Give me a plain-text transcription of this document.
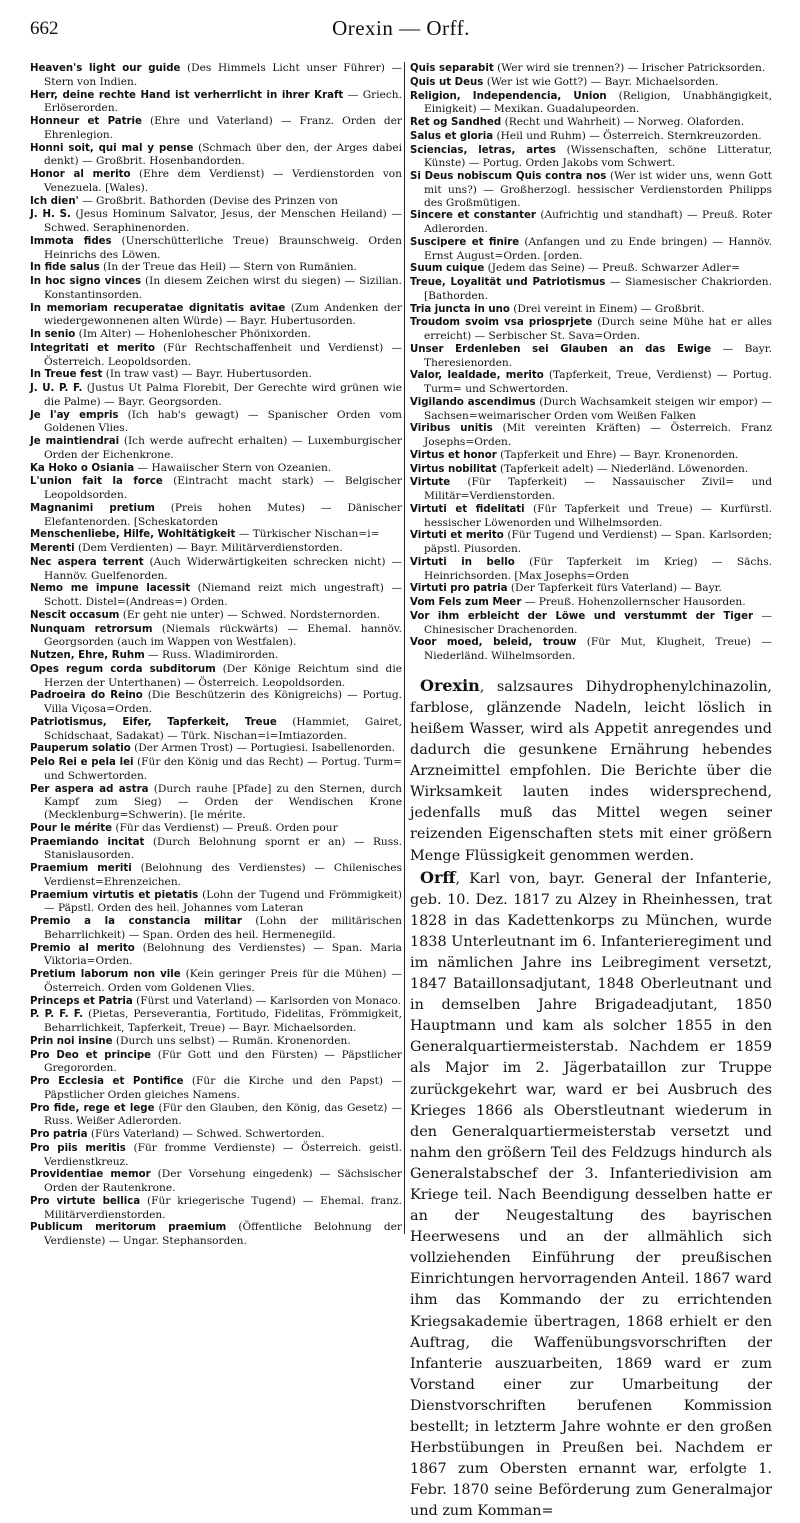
662	Orexin — Orff.

Heaven's light our guide (Des Himmels Licht unser Führer) — Stern von Indien.

Herr, deine rechte Hand ist verherrlicht in ihrer Kraft — Griech. Erlöserorden.

Honneur et Patrie (Ehre und Vaterland) — Franz. Orden der Ehrenlegion.

Honni soit, qui mal y pense (Schmach über den, der Arges dabei denkt) — Großbrit. Hosenbandorden.

Honor al merito (Ehre dem Verdienst) — Verdienstorden von Venezuela. [Wales).

Ich dien' — Großbrit. Bathorden (Devise des Prinzen von

J. H. S. (Jesus Hominum Salvator, Jesus, der Menschen Heiland) — Schwed. Seraphinenorden.

Immota fides (Unerschütterliche Treue) Braunschweig. Orden Heinrichs des Löwen.

In fide salus (In der Treue das Heil) — Stern von Rumänien.

In hoc signo vinces (In diesem Zeichen wirst du siegen) — Sizilian. Konstantinsorden.

In memoriam recuperatae dignitatis avitae (Zum Andenken der wiedergewonnenen alten Würde) — Bayr. Hubertusorden.

In senio (Im Alter) — Hohenlohescher Phönixorden.

Integritati et merito (Für Rechtschaffenheit und Verdienst) — Österreich. Leopoldsorden.

In Treue fest (In traw vast) — Bayr. Hubertusorden.

J. U. P. F. (Justus Ut Palma Florebit, Der Gerechte wird grünen wie die Palme) — Bayr. Georgsorden.

Je l'ay empris (Ich hab's gewagt) — Spanischer Orden vom Goldenen Vlies.

Je maintiendrai (Ich werde aufrecht erhalten) — Luxemburgischer Orden der Eichenkrone.

Ka Hoko o Osiania — Hawaiischer Stern von Ozeanien.

L'union fait la force (Eintracht macht stark) — Belgischer Leopoldsorden.

Magnanimi pretium (Preis hohen Mutes) — Dänischer Elefantenorden. [Scheskatorden

Menschenliebe, Hilfe, Wohltätigkeit — Türkischer Nischan=i=

Merenti (Dem Verdienten) — Bayr. Militärverdienstorden.

Nec aspera terrent (Auch Widerwärtigkeiten schrecken nicht) — Hannöv. Guelfenorden.

Nemo me impune lacessit (Niemand reizt mich ungestraft) — Schott. Distel=(Andreas=) Orden.

Nescit occasum (Er geht nie unter) — Schwed. Nordsternorden.

Nunquam retrorsum (Niemals rückwärts) — Ehemal. hannöv. Georgsorden (auch im Wappen von Westfalen).

Nutzen, Ehre, Ruhm — Russ. Wladimirorden.

Opes regum corda subditorum (Der Könige Reichtum sind die Herzen der Unterthanen) — Österreich. Leopoldsorden.

Padroeira do Reino (Die Beschützerin des Königreichs) — Portug. Villa Viçosa=Orden.

Patriotismus, Eifer, Tapferkeit, Treue (Hammiet, Gairet, Schidschaat, Sadakat) — Türk. Nischan=i=Imtiazorden.

Pauperum solatio (Der Armen Trost) — Portugiesi. Isabellenorden.

Pelo Rei e pela lei (Für den König und das Recht) — Portug. Turm= und Schwertorden.

Per aspera ad astra (Durch rauhe [Pfade] zu den Sternen, durch Kampf zum Sieg) — Orden der Wendischen Krone (Mecklenburg=Schwerin). [le mérite.

Pour le mérite (Für das Verdienst) — Preuß. Orden pour

Praemiando incitat (Durch Belohnung spornt er an) — Russ. Stanislausorden.

Praemium meriti (Belohnung des Verdienstes) — Chilenisches Verdienst=Ehrenzeichen.

Praemium virtutis et pietatis (Lohn der Tugend und Frömmigkeit) — Päpstl. Orden des heil. Johannes vom Lateran

Premio a la constancia militar (Lohn der militärischen Beharrlichkeit) — Span. Orden des heil. Hermenegild.

Premio al merito (Belohnung des Verdienstes) — Span. Maria Viktoria=Orden.

Pretium laborum non vile (Kein geringer Preis für die Mühen) — Österreich. Orden vom Goldenen Vlies.

Princeps et Patria (Fürst und Vaterland) — Karlsorden von Monaco.

P. P. F. F. (Pietas, Perseverantia, Fortitudo, Fidelitas, Frömmigkeit, Beharrlichkeit, Tapferkeit, Treue) — Bayr. Michaelsorden.

Prin noi insine (Durch uns selbst) — Rumän. Kronenorden.

Pro Deo et principe (Für Gott und den Fürsten) — Päpstlicher Gregororden.

Pro Ecclesia et Pontifice (Für die Kirche und den Papst) — Päpstlicher Orden gleiches Namens.

Pro fide, rege et lege (Für den Glauben, den König, das Gesetz) — Russ. Weißer Adlerorden.

Pro patria (Fürs Vaterland) — Schwed. Schwertorden.

Pro piis meritis (Für fromme Verdienste) — Österreich. geistl. Verdienstkreuz.

Providentiae memor (Der Vorsehung eingedenk) — Sächsischer Orden der Rautenkrone.

Pro virtute bellica (Für kriegerische Tugend) — Ehemal. franz. Militärverdienstorden.

Publicum meritorum praemium (Öffentliche Belohnung der Verdienste) — Ungar. Stephansorden.

Quis separabit (Wer wird sie trennen?) — Irischer Patricksorden.

Quis ut Deus (Wer ist wie Gott?) — Bayr. Michaelsorden.

Religion, Independencia, Union (Religion, Unabhängigkeit, Einigkeit) — Mexikan. Guadalupeorden.

Ret og Sandhed (Recht und Wahrheit) — Norweg. Olaforden.

Salus et gloria (Heil und Ruhm) — Österreich. Sternkreuzorden.

Sciencias, letras, artes (Wissenschaften, schöne Litteratur, Künste) — Portug. Orden Jakobs vom Schwert.

Si Deus nobiscum Quis contra nos (Wer ist wider uns, wenn Gott mit uns?) — Großherzogl. hessischer Verdienstorden Philipps des Großmütigen.

Sincere et constanter (Aufrichtig und standhaft) — Preuß. Roter Adlerorden.

Suscipere et finire (Anfangen und zu Ende bringen) — Hannöv. Ernst August=Orden. [orden.

Suum cuique (Jedem das Seine) — Preuß. Schwarzer Adler=

Treue, Loyalität und Patriotismus — Siamesischer Chakriorden. [Bathorden.

Tria juncta in uno (Drei vereint in Einem) — Großbrit.

Troudom svoim vsa priosprjete (Durch seine Mühe hat er alles erreicht) — Serbischer St. Sava=Orden.

Unser Erdenleben sei Glauben an das Ewige — Bayr. Theresienorden.

Valor, lealdade, merito (Tapferkeit, Treue, Verdienst) — Portug. Turm= und Schwertorden.

Vigilando ascendimus (Durch Wachsamkeit steigen wir empor) — Sachsen=weimarischer Orden vom Weißen Falken

Viribus unitis (Mit vereinten Kräften) — Österreich. Franz Josephs=Orden.

Virtus et honor (Tapferkeit und Ehre) — Bayr. Kronenorden.

Virtus nobilitat (Tapferkeit adelt) — Niederländ. Löwenorden.

Virtute (Für Tapferkeit) — Nassauischer Zivil= und Militär=Verdienstorden.

Virtuti et fidelitati (Für Tapferkeit und Treue) — Kurfürstl. hessischer Löwenorden und Wilhelmsorden.

Virtuti et merito (Für Tugend und Verdienst) — Span. Karlsorden; päpstl. Piusorden.

Virtuti in bello (Für Tapferkeit im Krieg) — Sächs. Heinrichsorden. [Max Josephs=Orden

Virtuti pro patria (Der Tapferkeit fürs Vaterland) — Bayr.

Vom Fels zum Meer — Preuß. Hohenzollernscher Hausorden.

Vor ihm erbleicht der Löwe und verstummt der Tiger — Chinesischer Drachenorden.

Voor moed, beleid, trouw (Für Mut, Klugheit, Treue) — Niederländ. Wilhelmsorden.

Orexin, salzsaures Dihydrophenylchinazolin, farblose, glänzende Nadeln, leicht löslich in heißem Wasser, wird als Appetit anregendes und dadurch die gesunkene Ernährung hebendes Arzneimittel empfohlen. Die Berichte über die Wirksamkeit lauten indes widersprechend, jedenfalls muß das Mittel wegen seiner reizenden Eigenschaften stets mit einer größern Menge Flüssigkeit genommen werden.

Orff, Karl von, bayr. General der Infanterie, geb. 10. Dez. 1817 zu Alzey in Rheinhessen, trat 1828 in das Kadettenkorps zu München, wurde 1838 Unterleutnant im 6. Infanterieregiment und im nämlichen Jahre ins Leibregiment versetzt, 1847 Bataillonsadjutant, 1848 Oberleutnant und in demselben Jahre Brigadeadjutant, 1850 Hauptmann und kam als solcher 1855 in den Generalquartiermeisterstab. Nachdem er 1859 als Major im 2. Jägerbataillon zur Truppe zurückgekehrt war, ward er bei Ausbruch des Krieges 1866 als Oberstleutnant wiederum in den Generalquartiermeisterstab versetzt und nahm den größern Teil des Feldzugs hindurch als Generalstabschef der 3. Infanteriedivision am Kriege teil. Nach Beendigung desselben hatte er an der Neugestaltung des bayrischen Heerwesens und an der allmählich sich vollziehenden Einführung der preußischen Einrichtungen hervorragenden Anteil. 1867 ward ihm das Kommando der zu errichtenden Kriegsakademie übertragen, 1868 erhielt er den Auftrag, die Waffenübungsvorschriften der Infanterie auszuarbeiten, 1869 ward er zum Vorstand einer zur Umarbeitung der Dienstvorschriften berufenen Kommission bestellt; in letzterm Jahre wohnte er den großen Herbstübungen in Preußen bei. Nachdem er 1867 zum Obersten ernannt war, erfolgte 1. Febr. 1870 seine Beförderung zum Generalmajor und zum Komman=
